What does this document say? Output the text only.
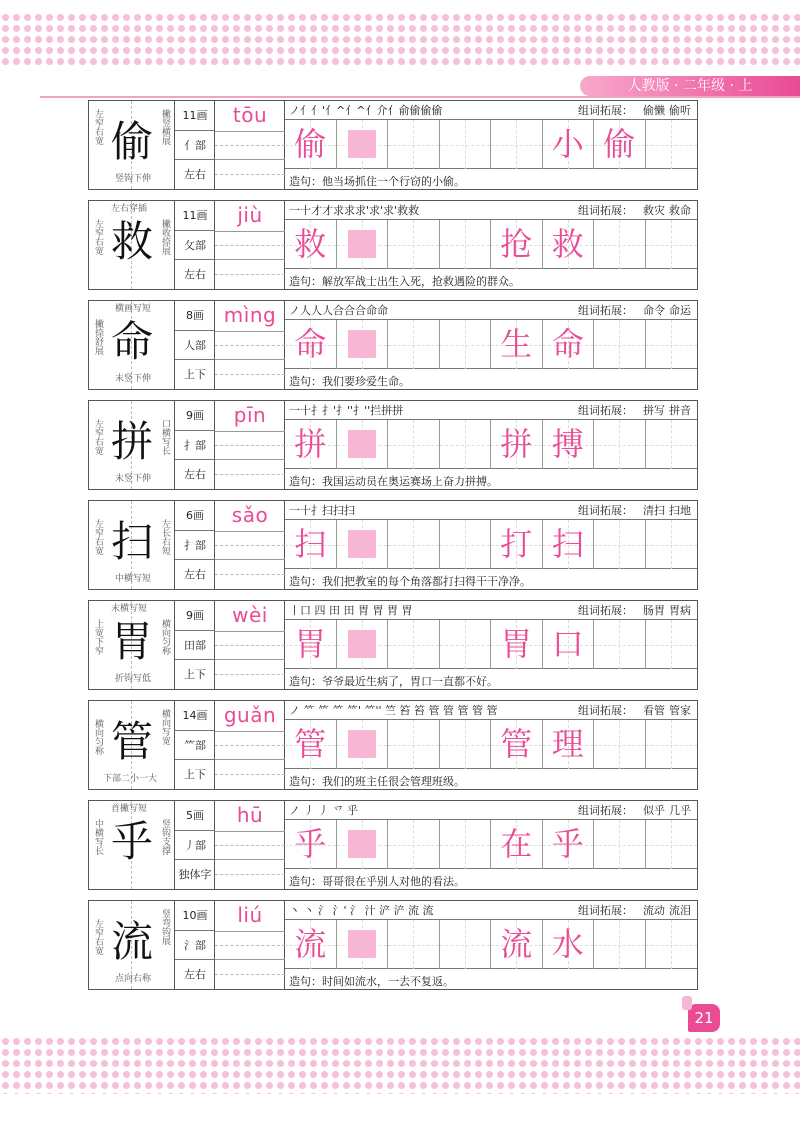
人教版 · 二年级 · 上
偷
左窄右宽	撇竖横展
竖钩下伸
11画
亻部
左右
tōu	ノ亻亻'亻^亻^亻介亻俞偷偷偷	组词拓展： 偷懒 偷听
偷	小 偷
造句：他当场抓住一个行窃的小偷。
救
左右穿插
左窄右宽	撇收捺展
11画
攵部
左右
jiù	一十才才求求求'求'求'救救	组词拓展： 救灾 救命
救	抢 救
造句：解放军战士出生入死，抢救遇险的群众。
命
横画写短
撇捺舒展
末竖下伸
8画
人部
上下
mìng	ノ人人人合合合命命	组词拓展： 命令 命运
命	生 命
造句：我们要珍爱生命。
拼
左窄右宽	口横写长
末竖下伸
9画
扌部
左右
pīn	一十扌扌'扌''扌''拦拼拼	组词拓展： 拼写 拼音
拼	拼 搏
造句：我国运动员在奥运赛场上奋力拼搏。
扫
左窄右宽	左长右短
中横写短
6画
扌部
左右
sǎo	一十扌扫扫扫	组词拓展： 清扫 扫地
扫	打 扫
造句：我们把教室的每个角落都打扫得干干净净。
胃
末横写短
上宽下窄	横向匀称
折钩写低
9画
田部
上下
wèi	丨口 四 田 田 胃 胃 胃 胃	组词拓展： 肠胃 胃病
胃	胃 口
造句：爷爷最近生病了，胃口一直都不好。
管
横向匀称	横向写宽
下部二小一大
14画
⺮部
上下
guǎn	ノ ⺮ ⺮ ⺮ ⺮' ⺮'' 竺 笞 笞 管 管 管 管 管	组词拓展： 看管 管家
管	管 理
造句：我们的班主任很会管理班级。
乎
首撇写短
中横写长	竖钩支撑
5画
丿部
独体字
hū	ノ 丿 丿 乊 乎	组词拓展： 似乎 几乎
乎	在 乎
造句：哥哥很在乎别人对他的看法。
流
左窄右宽	竖弯钩展
点向右称
10画
氵部
左右
liú	丶 丶 氵 氵' 氵 汁 浐 浐 流 流	组词拓展： 流动 流泪
流	流 水
造句：时间如流水，一去不复返。
21
